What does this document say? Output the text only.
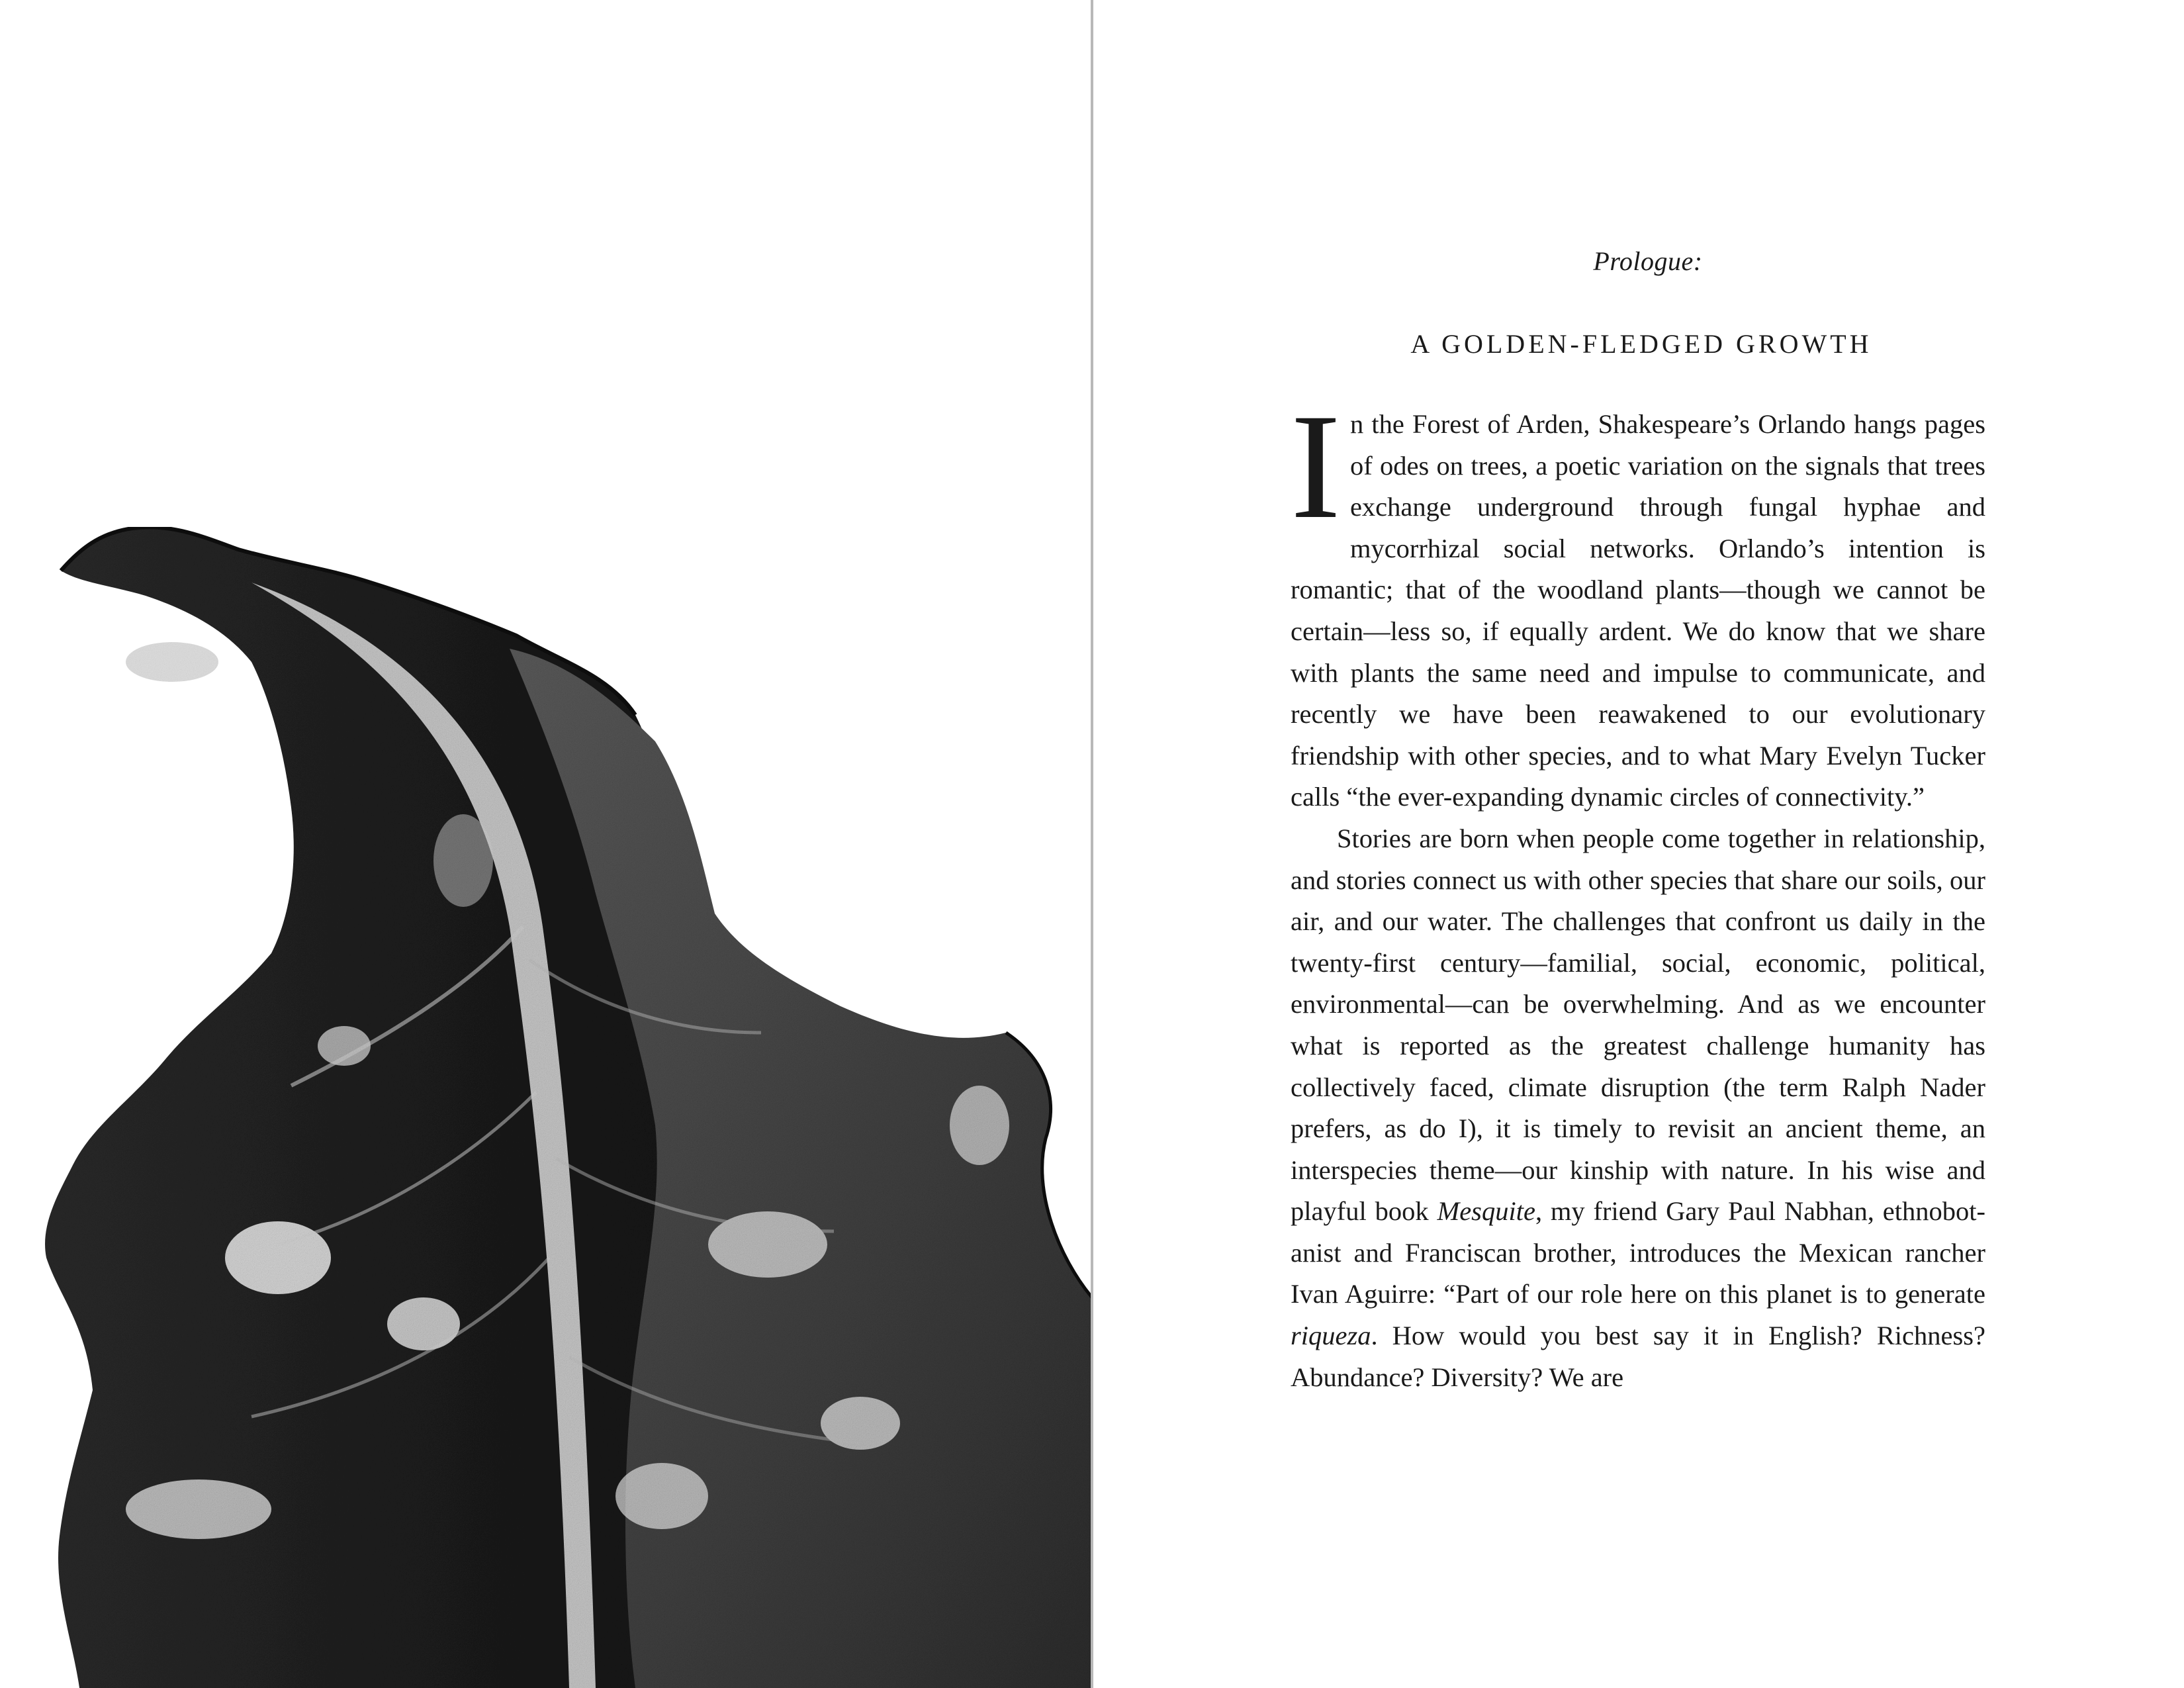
Prologue:
A GOLDEN-FLEDGED GROWTH

In the Forest of Arden, Shakespeare’s Orlando hangs pages of odes on trees, a poetic variation on the signals that trees exchange underground through fungal hyphae and mycorrhizal social networks. Orlando’s intention is romantic; that of the woodland plants—though we cannot be certain—less so, if equally ardent. We do know that we share with plants the same need and impulse to communicate, and recently we have been reawakened to our evolutionary friendship with other species, and to what Mary Evelyn Tucker calls “the ever-expanding dynamic circles of connectivity.”

Stories are born when people come together in relationship, and stories connect us with other species that share our soils, our air, and our water. The challenges that confront us daily in the twenty-first century—familial, social, economic, political, environmental—can be overwhelming. And as we encounter what is reported as the greatest challenge humanity has collectively faced, climate disruption (the term Ralph Nader prefers, as do I), it is timely to revisit an ancient theme, an interspecies theme—our kinship with nature. In his wise and playful book Mesquite, my friend Gary Paul Nabhan, ethnobotanist and Franciscan brother, introduces the Mexican rancher Ivan Aguirre: “Part of our role here on this planet is to generate riqueza. How would you best say it in English? Richness? Abundance? Diversity? We are
